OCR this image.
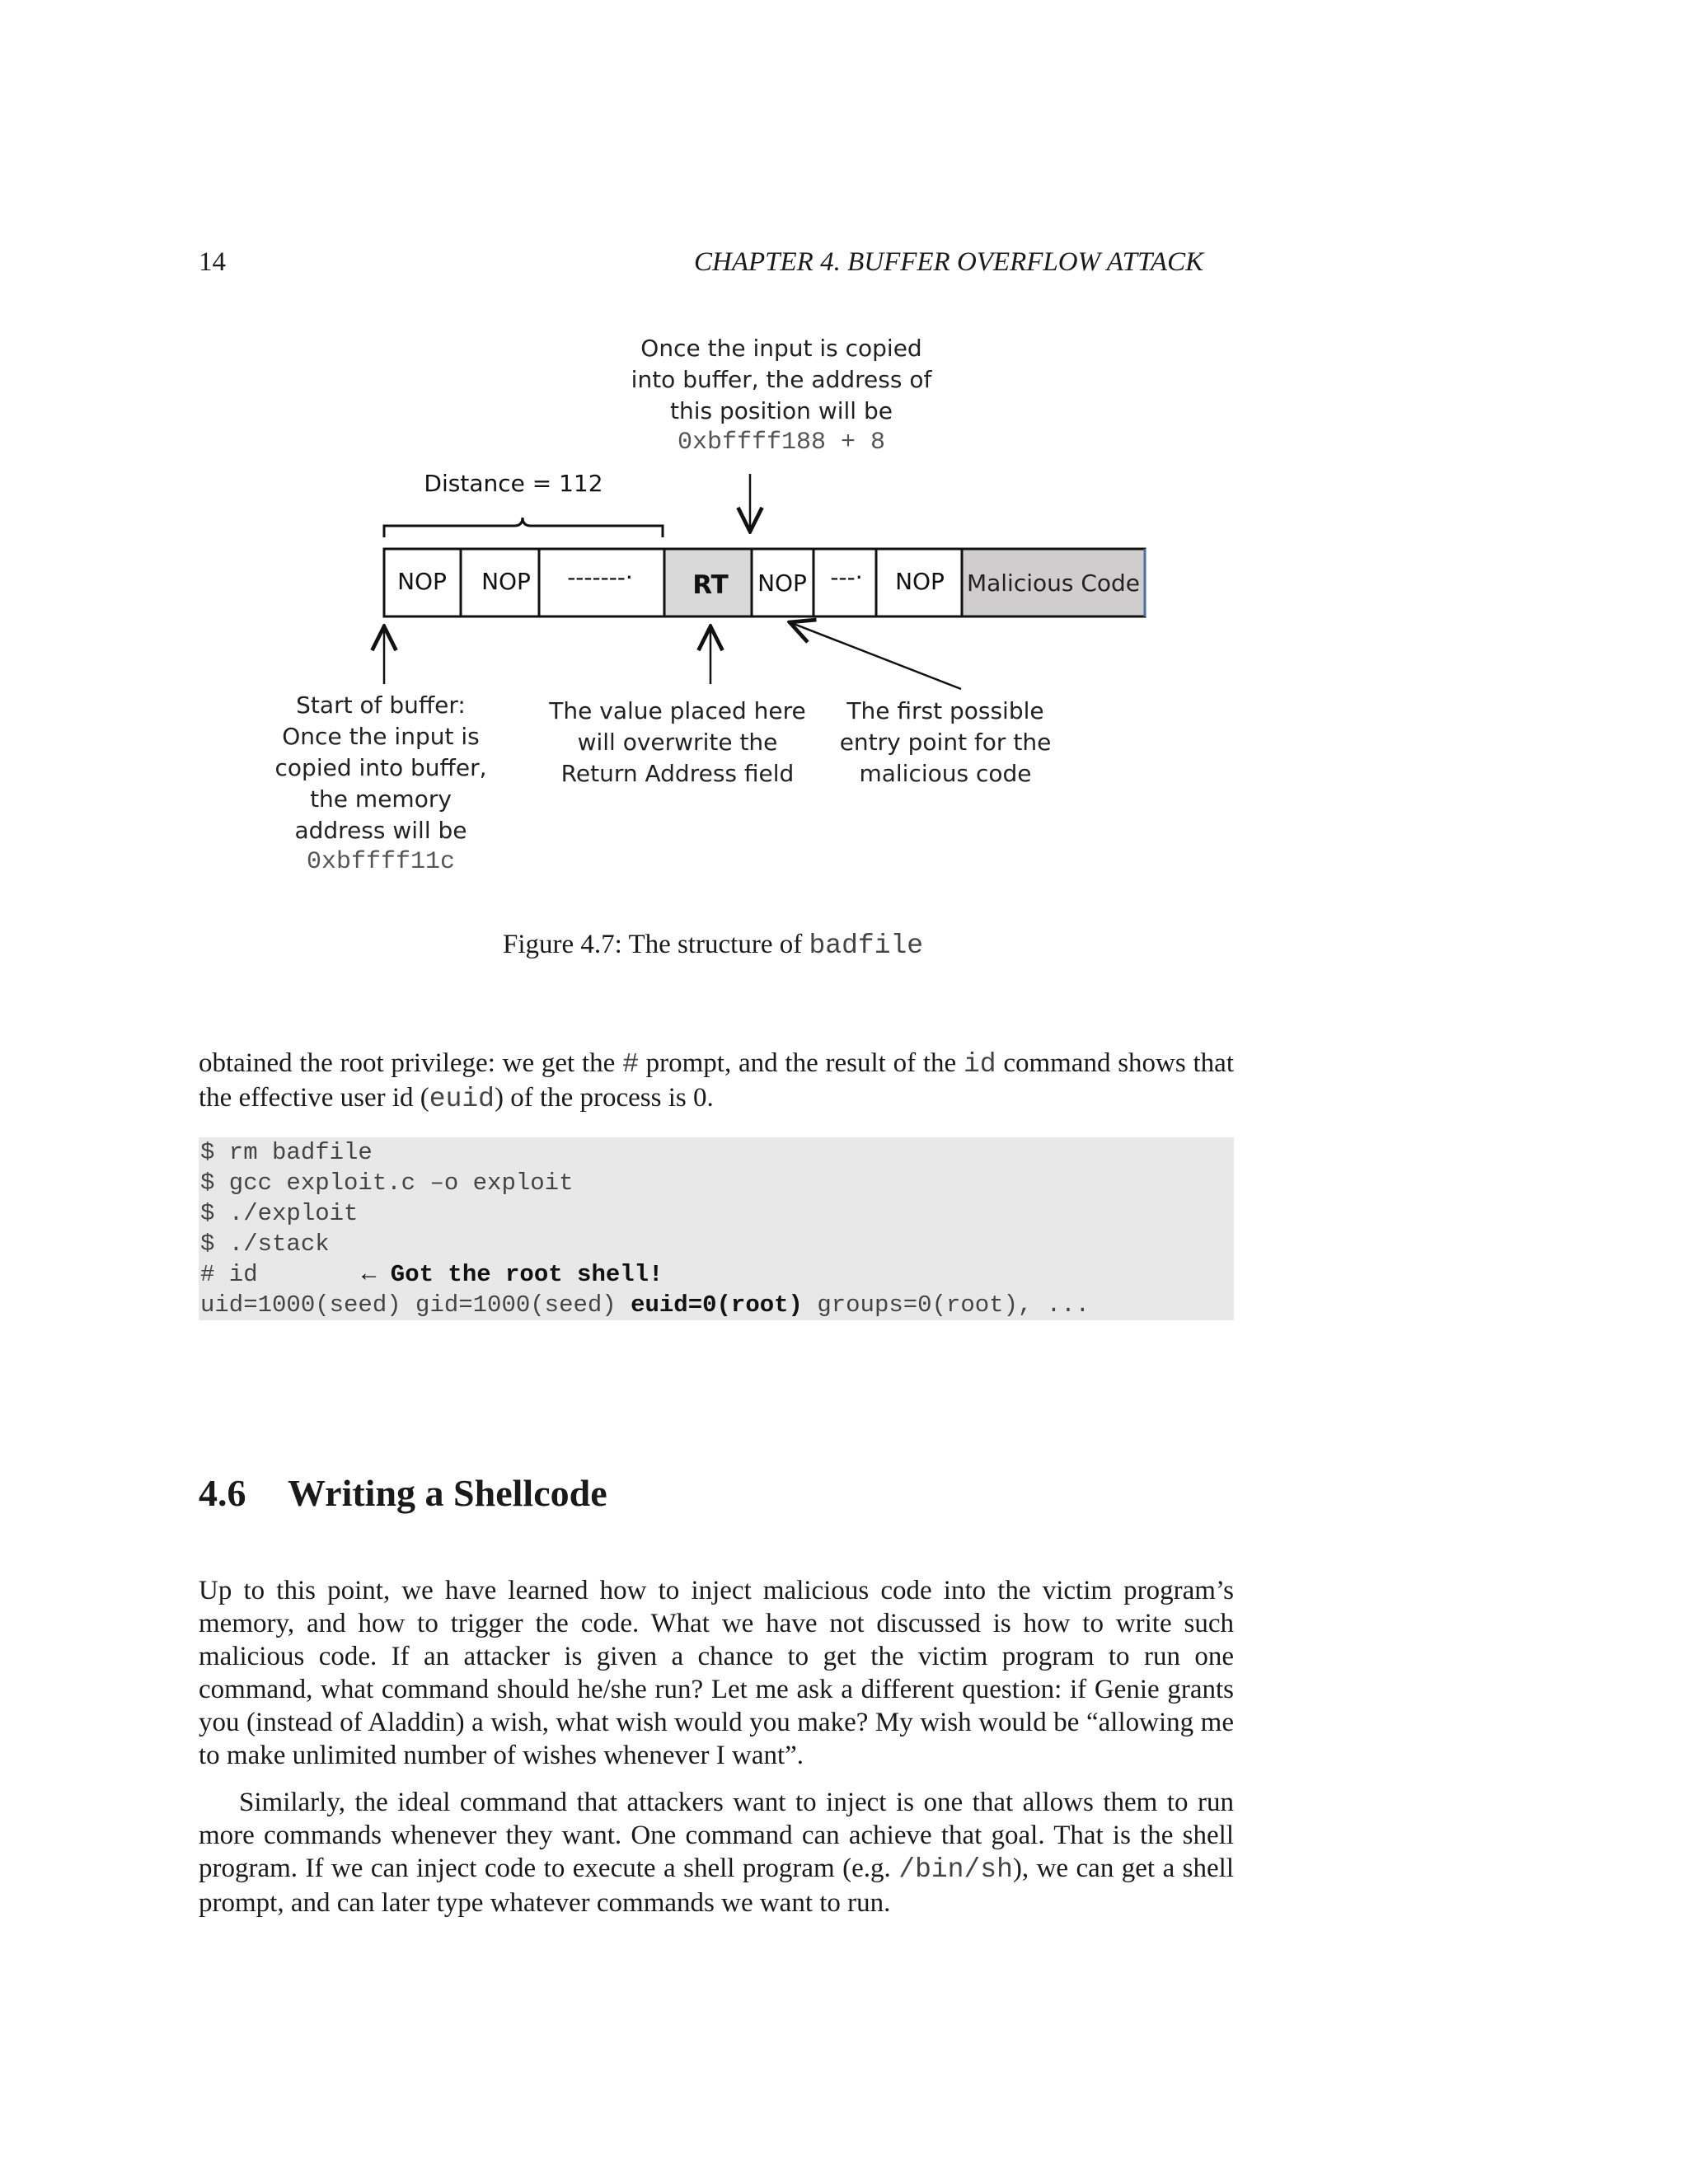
14	CHAPTER 4. BUFFER OVERFLOW ATTACK
NOP NOP -------· RT NOP ---· NOP Malicious Code
Distance = 112
Once the input is copied
into buffer, the address of
this position will be
0xbffff188 + 8
Start of buffer:
Once the input is
copied into buffer,
the memory
address will be
0xbffff11c
The value placed here
will overwrite the
Return Address field
The first possible
entry point for the
malicious code
Figure 4.7: The structure of badfile
obtained the root privilege: we get the # prompt, and the result of the id command shows that the effective user id (euid) of the process is 0.
$ rm badfile
$ gcc exploit.c –o exploit
$ ./exploit
$ ./stack
# id	← Got the root shell!
uid=1000(seed) gid=1000(seed) euid=0(root) groups=0(root), ...
4.6 Writing a Shellcode
Up to this point, we have learned how to inject malicious code into the victim program’s memory, and how to trigger the code. What we have not discussed is how to write such malicious code. If an attacker is given a chance to get the victim program to run one command, what command should he/she run? Let me ask a different question: if Genie grants you (instead of Aladdin) a wish, what wish would you make? My wish would be “allowing me to make unlimited number of wishes whenever I want”.
Similarly, the ideal command that attackers want to inject is one that allows them to run more commands whenever they want. One command can achieve that goal. That is the shell program. If we can inject code to execute a shell program (e.g. /bin/sh), we can get a shell prompt, and can later type whatever commands we want to run.
